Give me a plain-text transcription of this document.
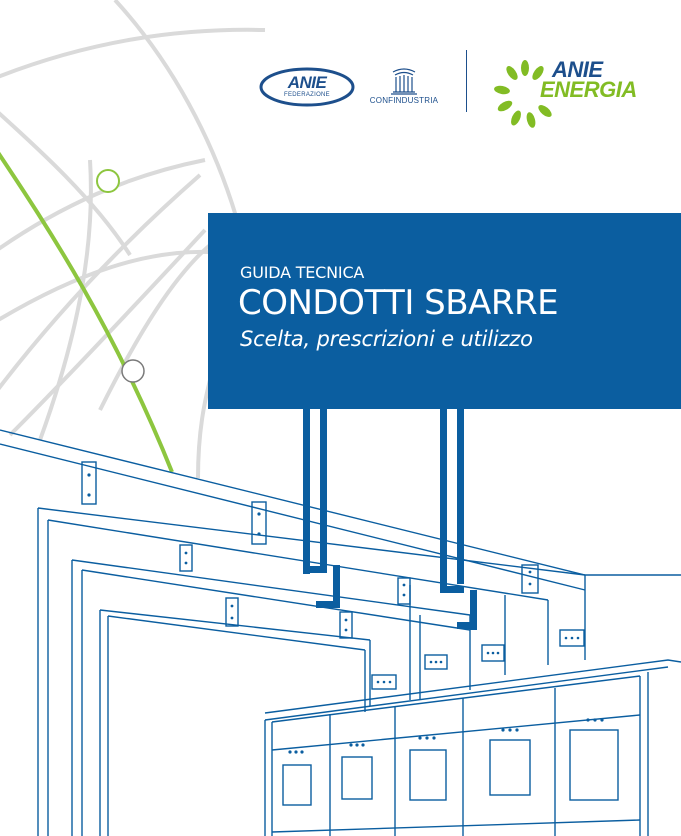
ANIE
FEDERAZIONE
CONFINDUSTRIA
ANIE
ENERGIA
GUIDA TECNICA
CONDOTTI SBARRE
Scelta, prescrizioni e utilizzo
